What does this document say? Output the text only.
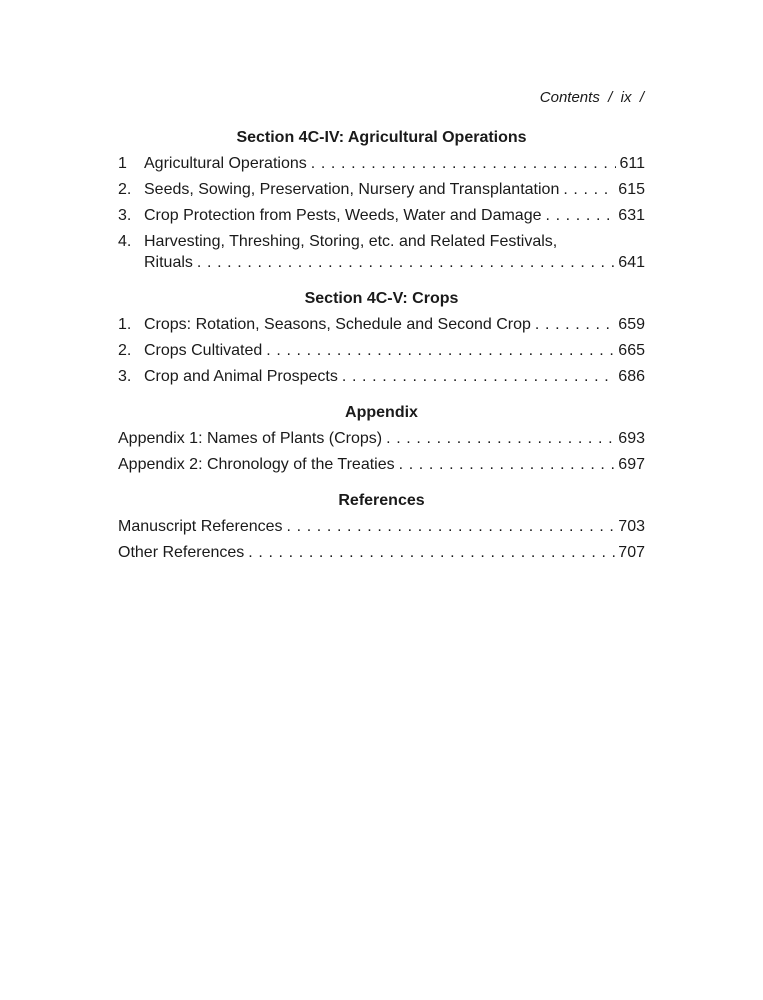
Contents  /  ix  /
Section 4C-IV: Agricultural Operations
1	Agricultural Operations . . .	611
2. Seeds, Sowing, Preservation, Nursery and Transplantation . . .	615
3. Crop Protection from Pests, Weeds, Water and Damage . . .	631
4. Harvesting, Threshing, Storing, etc. and Related Festivals,
Rituals . . .	641
Section 4C-V: Crops
1. Crops: Rotation, Seasons, Schedule and Second Crop . . .	659
2. Crops Cultivated . . .	665
3. Crop and Animal Prospects . . .	686
Appendix
Appendix 1: Names of Plants (Crops) . . .	693
Appendix 2: Chronology of the Treaties . . .	697
References
Manuscript References . . .	703
Other References . . .	707
